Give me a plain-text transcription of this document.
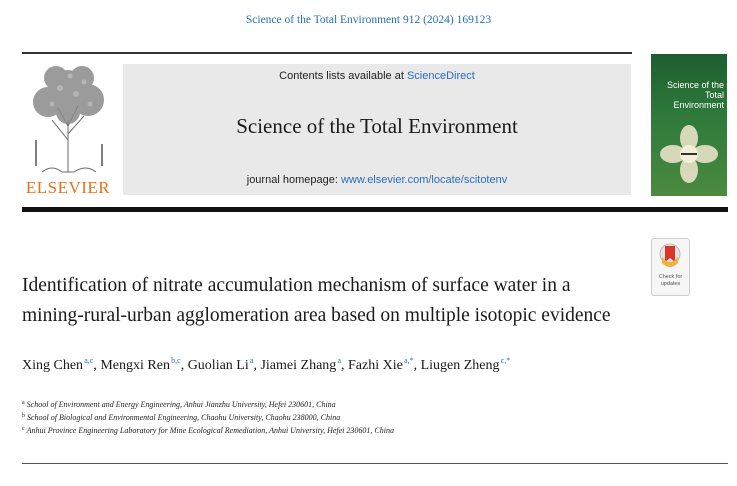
Science of the Total Environment 912 (2024) 169123
ELSEVIER
Contents lists available at ScienceDirect
Science of the Total Environment
journal homepage: www.elsevier.com/locate/scitotenv
Science of the
Total Environment
Check for
updates
Identification of nitrate accumulation mechanism of surface water in a
mining-rural-urban agglomeration area based on multiple isotopic evidence
Xing Chen $^{a,c}$, Mengxi Ren $^{b,c}$, Guolian Li $^a$, Jiamei Zhang $^a$, Fazhi Xie $^{a,*}$, Liugen Zheng $^{c,*}$
$^a$ School of Environment and Energy Engineering, Anhui Jianzhu University, Hefei 230601, China
$^b$ School of Biological and Environmental Engineering, Chaohu University, Chaohu 238000, China
$^c$ Anhui Province Engineering Laboratory for Mine Ecological Remediation, Anhui University, Hefei 230601, China
